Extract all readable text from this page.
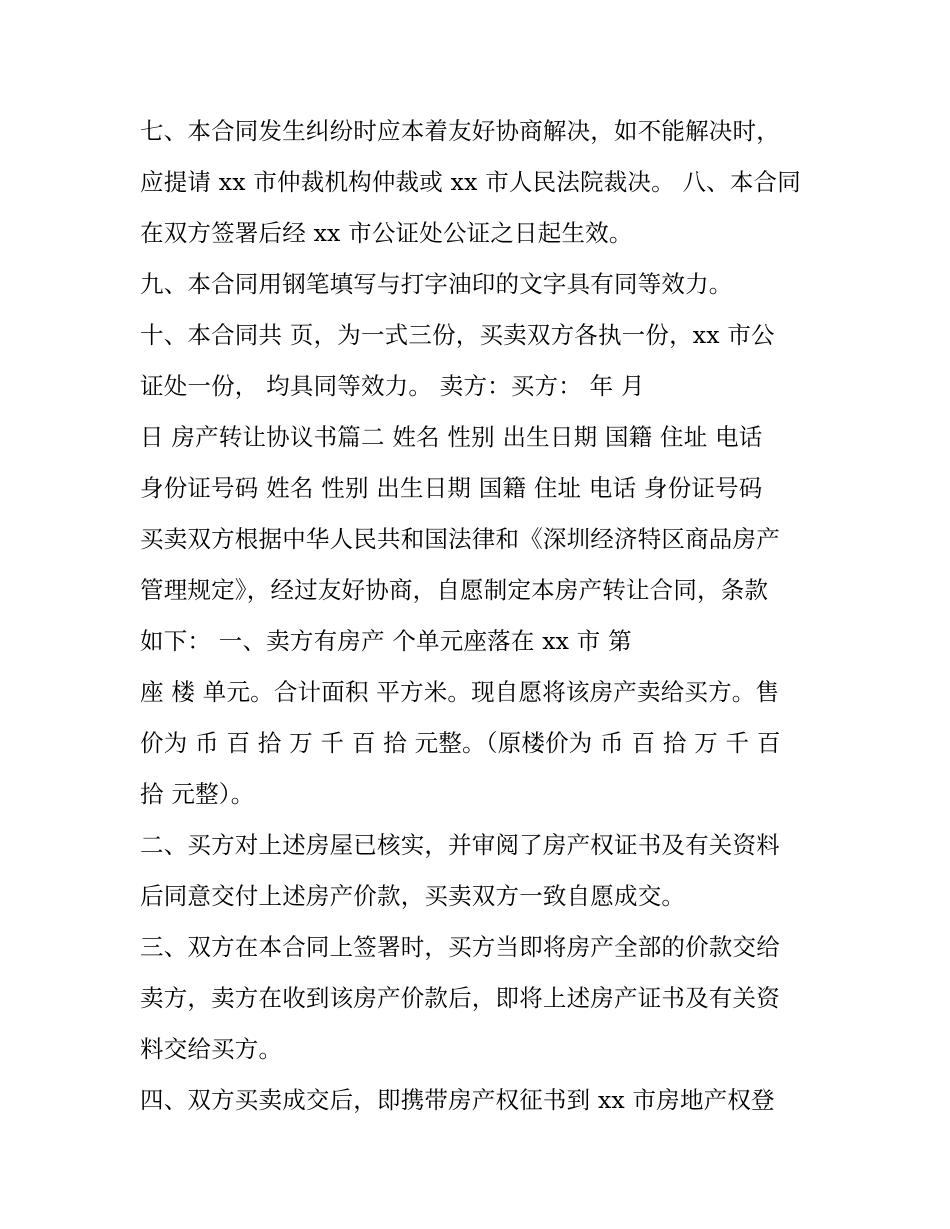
七、本合同发生纠纷时应本着友好协商解决，如不能解决时，
应提请 xx 市仲裁机构仲裁或 xx 市人民法院裁决。 八、本合同
在双方签署后经 xx 市公证处公证之日起生效。
九、本合同用钢笔填写与打字油印的文字具有同等效力。
十、本合同共 页，为一式三份，买卖双方各执一份，xx 市公
证处一份， 均具同等效力。 卖方：买方： 年 月
日 房产转让协议书篇二 姓名 性别 出生日期 国籍 住址 电话
身份证号码 姓名 性别 出生日期 国籍 住址 电话 身份证号码
买卖双方根据中华人民共和国法律和《深圳经济特区商品房产
管理规定》，经过友好协商，自愿制定本房产转让合同，条款
如下： 一、卖方有房产 个单元座落在 xx 市 第
座 楼 单元。合计面积 平方米。现自愿将该房产卖给买方。售
价为 币 百 拾 万 千 百 拾 元整。（原楼价为 币 百 拾 万 千 百
拾 元整）。
二、买方对上述房屋已核实，并审阅了房产权证书及有关资料
后同意交付上述房产价款，买卖双方一致自愿成交。
三、双方在本合同上签署时，买方当即将房产全部的价款交给
卖方，卖方在收到该房产价款后，即将上述房产证书及有关资
料交给买方。
四、双方买卖成交后，即携带房产权征书到 xx 市房地产权登
